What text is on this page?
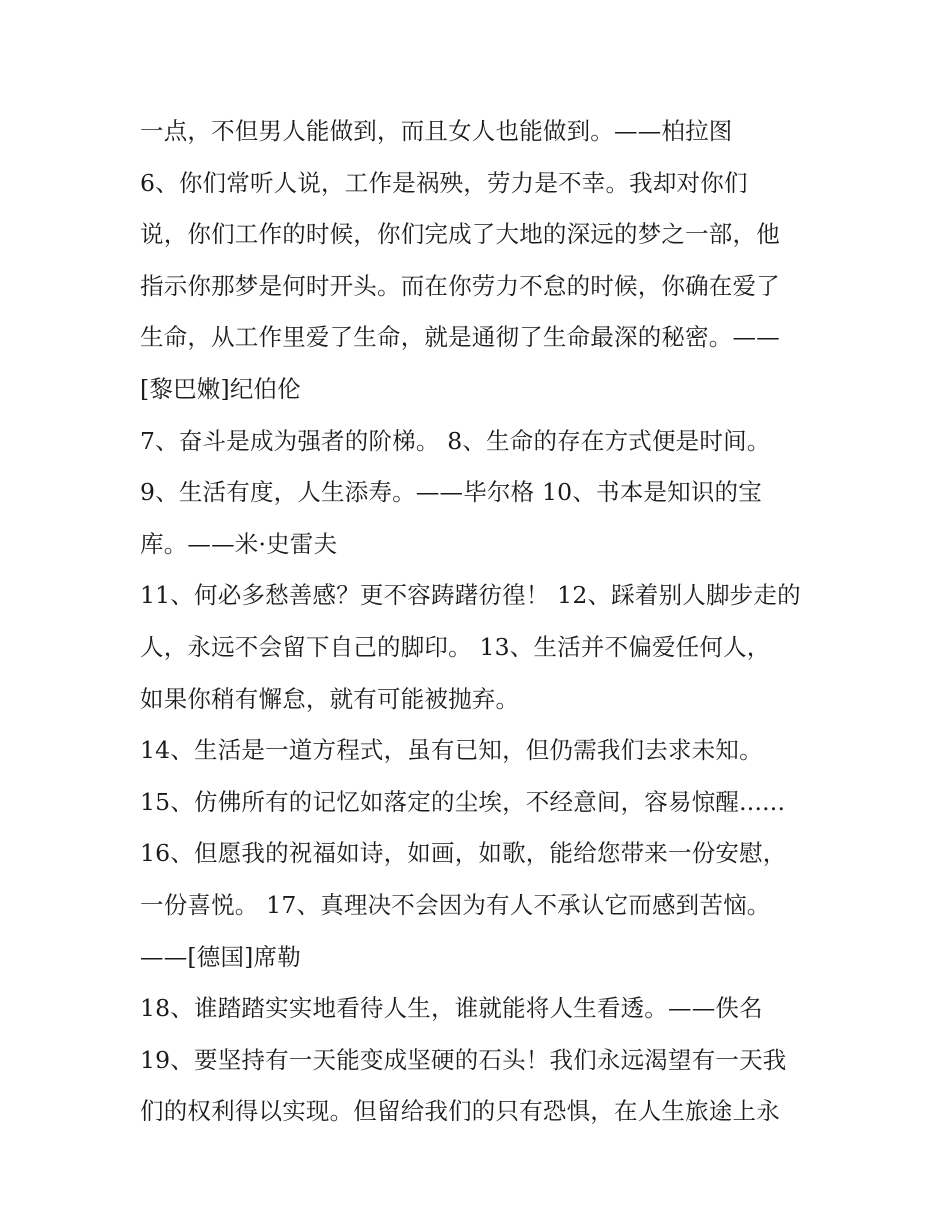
一点，不但男人能做到，而且女人也能做到。——柏拉图
6、你们常听人说，工作是祸殃，劳力是不幸。我却对你们
说，你们工作的时候，你们完成了大地的深远的梦之一部，他
指示你那梦是何时开头。而在你劳力不怠的时候，你确在爱了
生命，从工作里爱了生命，就是通彻了生命最深的秘密。——
[黎巴嫩]纪伯伦
7、奋斗是成为强者的阶梯。 8、生命的存在方式便是时间。
9、生活有度，人生添寿。——毕尔格 10、书本是知识的宝
库。——米·史雷夫
11、何必多愁善感？更不容踌躇彷徨！ 12、踩着别人脚步走的
人，永远不会留下自己的脚印。 13、生活并不偏爱任何人，
如果你稍有懈怠，就有可能被抛弃。
14、生活是一道方程式，虽有已知，但仍需我们去求未知。
15、仿佛所有的记忆如落定的尘埃，不经意间，容易惊醒......
16、但愿我的祝福如诗，如画，如歌，能给您带来一份安慰，
一份喜悦。 17、真理决不会因为有人不承认它而感到苦恼。
——[德国]席勒
18、谁踏踏实实地看待人生，谁就能将人生看透。——佚名
19、要坚持有一天能变成坚硬的石头！我们永远渴望有一天我
们的权利得以实现。但留给我们的只有恐惧，在人生旅途上永
